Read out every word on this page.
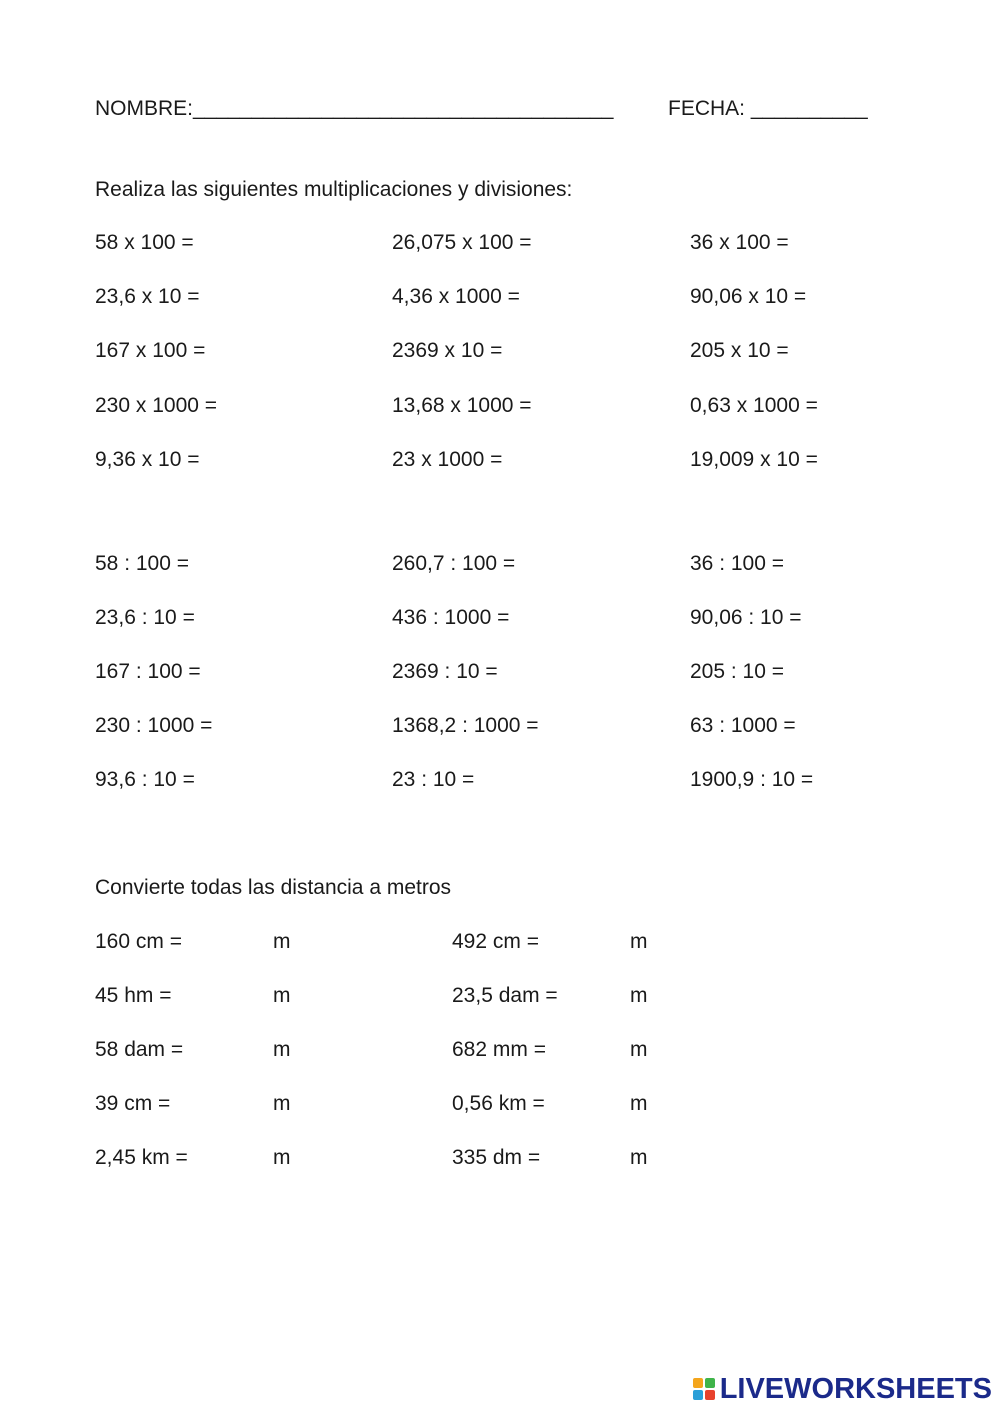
NOMBRE:____________________________________	FECHA: __________
Realiza las siguientes multiplicaciones y divisiones:
58 x 100 =	26,075 x 100 =	36 x 100 =
23,6 x 10 =	4,36 x 1000 =	90,06 x 10 =
167 x 100 =	2369 x 10 =	205 x 10 =
230 x 1000 =	13,68 x 1000 =	0,63 x 1000 =
9,36 x 10 =	23 x 1000 =	19,009 x 10 =
58 : 100 =	260,7 : 100 =	36 : 100 =
23,6 : 10 =	436 : 1000 =	90,06 : 10 =
167 : 100 =	2369 : 10 =	205 : 10 =
230 : 1000 =	1368,2 : 1000 =	63 : 1000 =
93,6 : 10 =	23 : 10 =	1900,9 : 10 =
Convierte todas las distancia a metros
160 cm =	m	492 cm =	m
45 hm =	m	23,5 dam =	m
58 dam =	m	682 mm =	m
39 cm =	m	0,56 km =	m
2,45 km =	m	335 dm =	m
LIVEWORKSHEETS
